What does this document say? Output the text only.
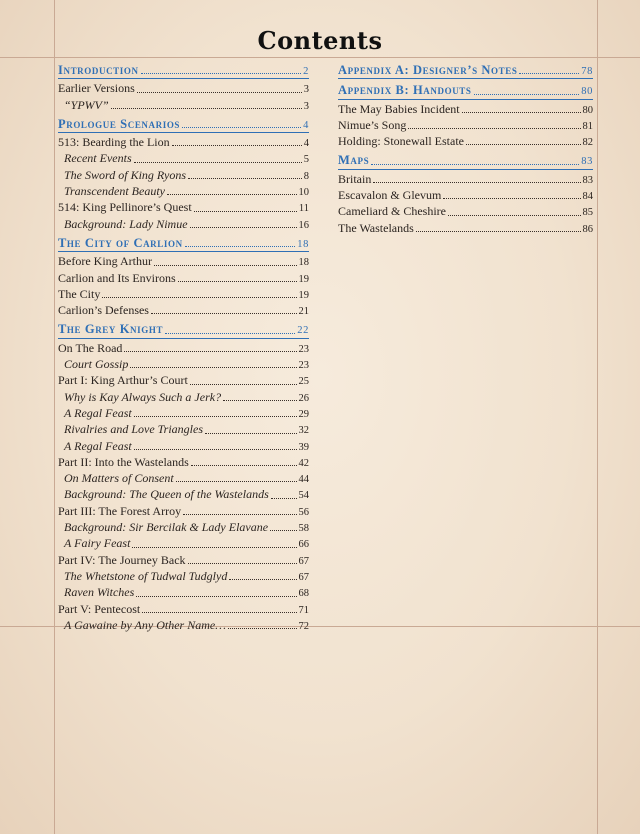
Contents
Introduction	2
Earlier Versions	3
“YPWV”	3
Prologue Scenarios	4
513: Bearding the Lion	4
Recent Events	5
The Sword of King Ryons	8
Transcendent Beauty	10
514: King Pellinore’s Quest	11
Background: Lady Nimue	16
The City of Carlion	18
Before King Arthur	18
Carlion and Its Environs	19
The City	19
Carlion’s Defenses	21
The Grey Knight	22
On The Road	23
Court Gossip	23
Part I: King Arthur’s Court	25
Why is Kay Always Such a Jerk?	26
A Regal Feast	29
Rivalries and Love Triangles	32
A Regal Feast	39
Part II: Into the Wastelands	42
On Matters of Consent	44
Background: The Queen of the Wastelands	54
Part III: The Forest Arroy	56
Background: Sir Bercilak & Lady Elavane	58
A Fairy Feast	66
Part IV: The Journey Back	67
The Whetstone of Tudwal Tudglyd	67
Raven Witches	68
Part V: Pentecost	71
A Gawaine by Any Other Name…	72
Appendix A: Designer’s Notes	78
Appendix B: Handouts	80
The May Babies Incident	80
Nimue’s Song	81
Holding: Stonewall Estate	82
Maps	83
Britain	83
Escavalon & Glevum	84
Cameliard & Cheshire	85
The Wastelands	86
